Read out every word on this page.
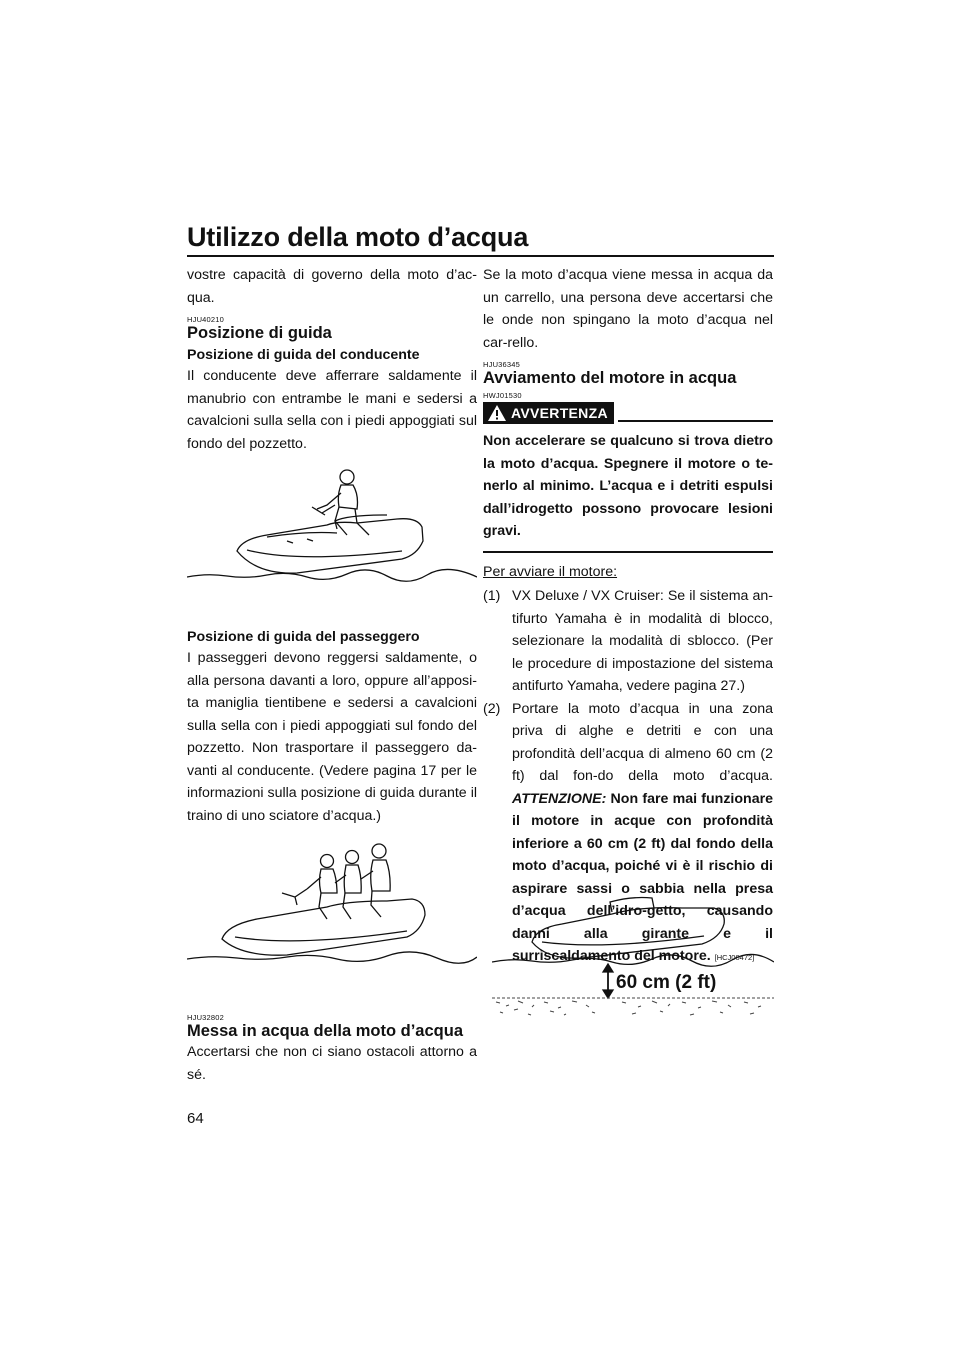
Utilizzo della moto d’acqua

vostre capacità di governo della moto d’ac-qua.

HJU40210
Posizione di guida
Posizione di guida del conducente

Il conducente deve afferrare saldamente il manubrio con entrambe le mani e sedersi a cavalcioni sulla sella con i piedi appoggiati sul fondo del pozzetto.

Posizione di guida del passeggero

I passeggeri devono reggersi saldamente, o alla persona davanti a loro, oppure all’apposi-ta maniglia tientibene e sedersi a cavalcioni sulla sella con i piedi appoggiati sul fondo del pozzetto. Non trasportare il passeggero da-vanti al conducente. (Vedere pagina 17 per le informazioni sulla posizione di guida durante il traino di uno sciatore d’acqua.)

HJU32802
Messa in acqua della moto d’acqua

Accertarsi che non ci siano ostacoli attorno a sé.

Se la moto d’acqua viene messa in acqua da un carrello, una persona deve accertarsi che le onde non spingano la moto d’acqua nel car-rello.

HJU36345
Avviamento del motore in acqua
HWJ01530
AVVERTENZA

Non accelerare se qualcuno si trova dietro la moto d’acqua. Spegnere il motore o te-nerlo al minimo. L’acqua e i detriti espulsi dall’idrogetto possono provocare lesioni gravi.

Per avviare il motore:

(1) VX Deluxe / VX Cruiser: Se il sistema an-tifurto Yamaha è in modalità di blocco, selezionare la modalità di sblocco. (Per le procedure di impostazione del sistema antifurto Yamaha, vedere pagina 27.)
(2) Portare la moto d’acqua in una zona priva di alghe e detriti e con una profondità dell’acqua di almeno 60 cm (2 ft) dal fon-do della moto d’acqua. ATTENZIONE: Non fare mai funzionare il motore in acque con profondità inferiore a 60 cm (2 ft) dal fondo della moto d’acqua, poiché vi è il rischio di aspirare sassi o sabbia nella presa d’acqua dell’idro-getto, causando danni alla girante e il surriscaldamento del motore. [HCJ00472]
60 cm (2 ft)
64
